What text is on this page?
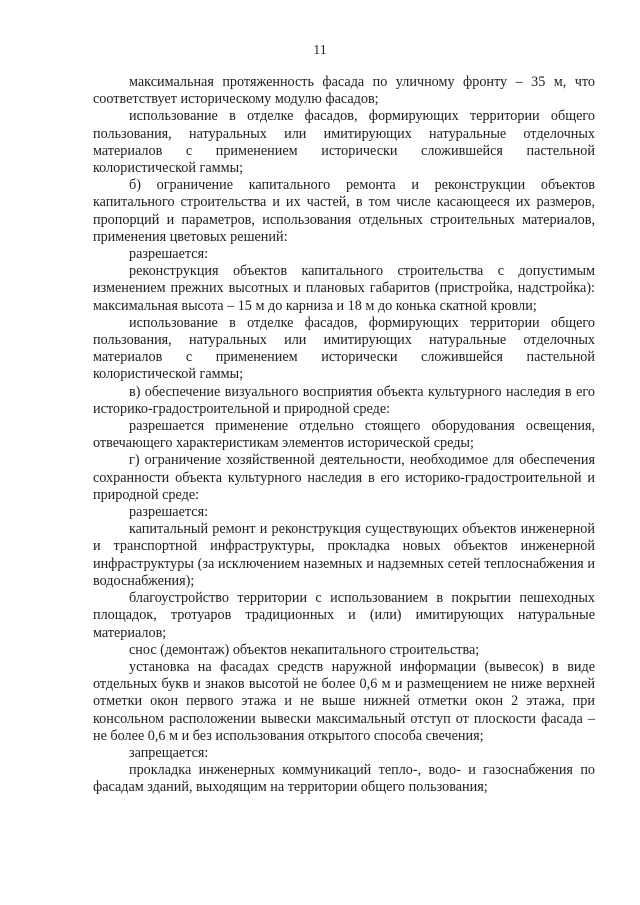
11

максимальная протяженность фасада по уличному фронту – 35 м, что соответствует историческому модулю фасадов;

использование в отделке фасадов, формирующих территории общего пользования, натуральных или имитирующих натуральные отделочных материалов с применением исторически сложившейся пастельной колористической гаммы;

б) ограничение капитального ремонта и реконструкции объектов капитального строительства и их частей, в том числе касающееся их размеров, пропорций и параметров, использования отдельных строительных материалов, применения цветовых решений:

разрешается:

реконструкция объектов капитального строительства с допустимым изменением прежних высотных и плановых габаритов (пристройка, надстройка): максимальная высота – 15 м до карниза и 18 м до конька скатной кровли;

использование в отделке фасадов, формирующих территории общего пользования, натуральных или имитирующих натуральные отделочных материалов с применением исторически сложившейся пастельной колористической гаммы;

в) обеспечение визуального восприятия объекта культурного наследия в его историко-градостроительной и природной среде:

разрешается применение отдельно стоящего оборудования освещения, отвечающего характеристикам элементов исторической среды;

г) ограничение хозяйственной деятельности, необходимое для обеспечения сохранности объекта культурного наследия в его историко-градостроительной и природной среде:

разрешается:

капитальный ремонт и реконструкция существующих объектов инженерной и транспортной инфраструктуры, прокладка новых объектов инженерной инфраструктуры (за исключением наземных и надземных сетей теплоснабжения и водоснабжения);

благоустройство территории с использованием в покрытии пешеходных площадок, тротуаров традиционных и (или) имитирующих натуральные материалов;

снос (демонтаж) объектов некапитального строительства;

установка на фасадах средств наружной информации (вывесок) в виде отдельных букв и знаков высотой не более 0,6 м и размещением не ниже верхней отметки окон первого этажа и не выше нижней отметки окон 2 этажа, при консольном расположении вывески максимальный отступ от плоскости фасада – не более 0,6 м и без использования открытого способа свечения;

запрещается:

прокладка инженерных коммуникаций тепло-, водо- и газоснабжения по фасадам зданий, выходящим на территории общего пользования;
